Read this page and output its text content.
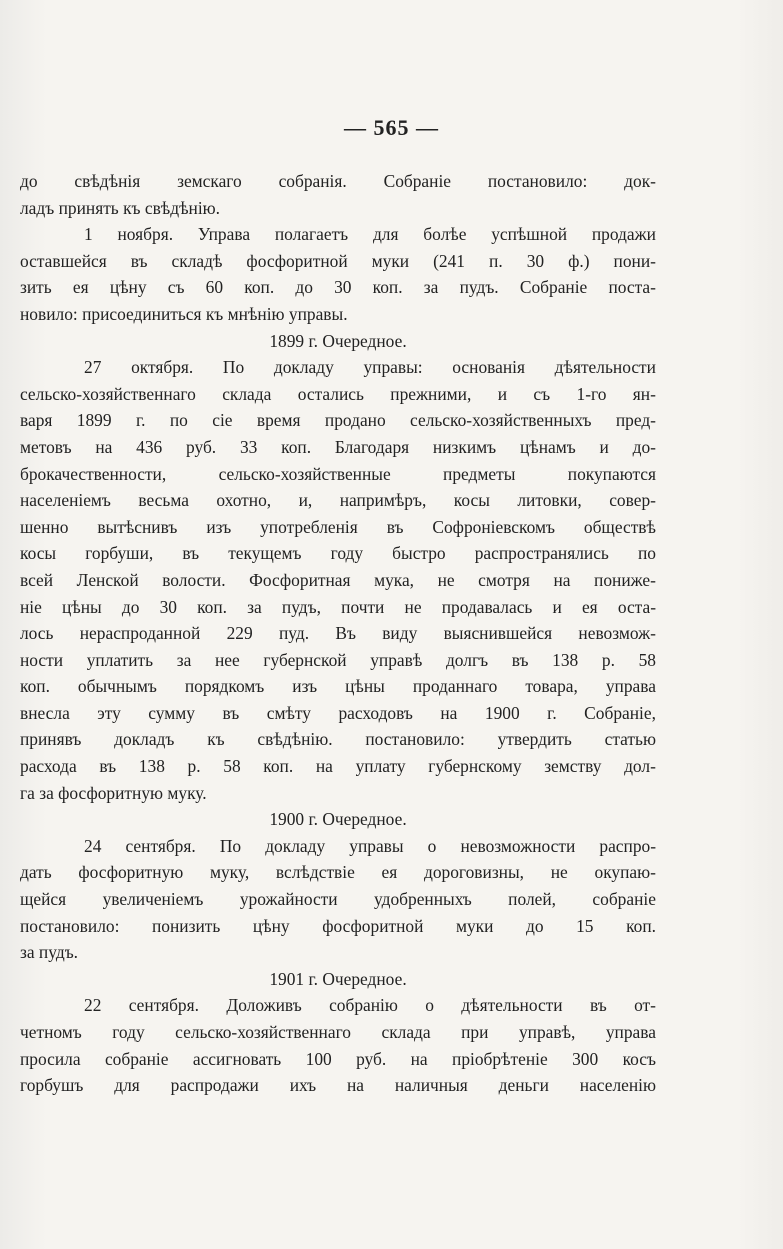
— 565 —
до свѣдѣнія земскаго собранія. Собраніе постановило: док-
ладъ принять къ свѣдѣнію.
1 ноября. Управа полагаетъ для болѣе успѣшной продажи
оставшейся въ складѣ фосфоритной муки (241 п. 30 ф.) пони-
зить ея цѣну съ 60 коп. до 30 коп. за пудъ. Собраніе поста-
новило: присоединиться къ мнѣнію управы.
1899 г. Очередное.
27 октября. По докладу управы: основанія дѣятельности
сельско-хозяйственнаго склада остались прежними, и съ 1-го ян-
варя 1899 г. по сіе время продано сельско-хозяйственныхъ пред-
метовъ на 436 руб. 33 коп. Благодаря низкимъ цѣнамъ и до-
брокачественности,	сельско-хозяйственные	предметы	покупаются
населеніемъ весьма охотно, и, напримѣръ, косы литовки, совер-
шенно вытѣснивъ изъ употребленія въ Софроніевскомъ обществѣ
косы горбуши, въ текущемъ году быстро распространялись по
всей Ленской волости. Фосфоритная мука, не смотря на пониже-
ніе цѣны до 30 коп. за пудъ, почти не продавалась и ея оста-
лось нераспроданной 229 пуд. Въ виду выяснившейся невозмож-
ности уплатить за нее губернской управѣ долгъ въ 138 р. 58
коп. обычнымъ порядкомъ изъ цѣны проданнаго товара, управа
внесла эту сумму въ смѣту расходовъ на 1900 г. Собраніе,
принявъ докладъ къ свѣдѣнію. постановило: утвердить статью
расхода въ 138 р. 58 коп. на уплату губернскому земству дол-
га за фосфоритную муку.
1900 г. Очередное.
24 сентября. По докладу управы о невозможности распро-
дать фосфоритную муку, вслѣдствіе ея дороговизны, не окупаю-
щейся увеличеніемъ урожайности удобренныхъ полей, собраніе
постановило: понизить цѣну фосфоритной муки до 15 коп.
за пудъ.
1901 г. Очередное.
22 сентября. Доложивъ собранію о дѣятельности въ от-
четномъ году сельско-хозяйственнаго склада при управѣ, управа
просила собраніе ассигновать 100 руб. на пріобрѣтеніе 300 косъ
горбушъ для распродажи ихъ на наличныя деньги населенію
